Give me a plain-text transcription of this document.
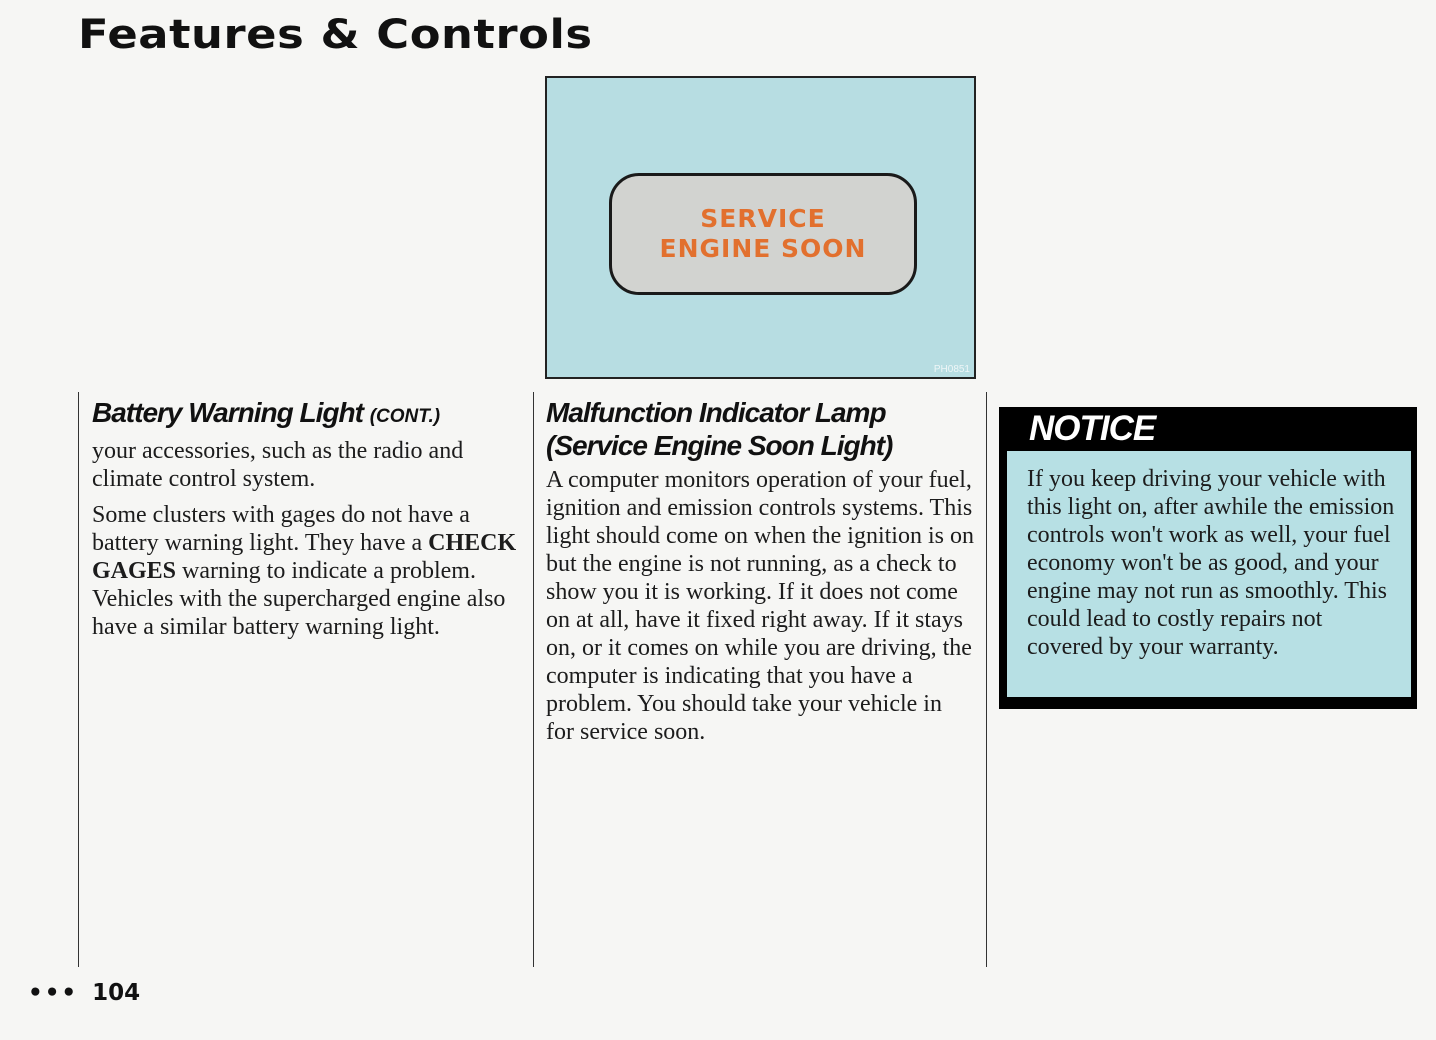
Features & Controls
SERVICE
ENGINE SOON
PH0851
Battery Warning Light (CONT.)

your accessories, such as the radio and climate control system.

Some clusters with gages do not have a battery warning light. They have a CHECK GAGES warning to indicate a problem. Vehicles with the supercharged engine also have a similar battery warning light.

Malfunction Indicator Lamp (Service Engine Soon Light)

A computer monitors operation of your fuel, ignition and emission controls systems. This light should come on when the ignition is on but the engine is not running, as a check to show you it is working. If it does not come on at all, have it fixed right away. If it stays on, or it comes on while you are driving, the computer is indicating that you have a problem. You should take your vehicle in for service soon.

NOTICE

If you keep driving your vehicle with this light on, after awhile the emission controls won't work as well, your fuel economy won't be as good, and your engine may not run as smoothly. This could lead to costly repairs not covered by your warranty.

••• 104
